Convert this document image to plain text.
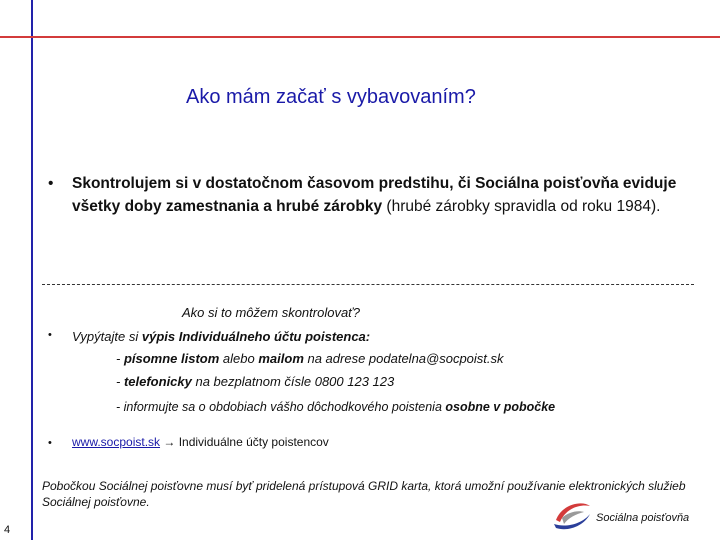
Ako mám začať s vybavovaním?
• Skontrolujem si v dostatočnom časovom predstihu, či Sociálna poisťovňa eviduje všetky doby zamestnania a hrubé zárobky (hrubé zárobky spravidla od roku 1984).
Ako si to môžem skontrolovať?
• Vypýtajte si výpis Individuálneho účtu poistenca:
- písomne listom alebo mailom na adrese podatelna@socpoist.sk
- telefonicky na bezplatnom čísle 0800 123 123
- informujte sa o obdobiach vášho dôchodkového poistenia osobne v pobočke
• www.socpoist.sk → Individuálne účty poistencov
Pobočkou Sociálnej poisťovne musí byť pridelená prístupová GRID karta, ktorá umožní používanie elektronických služieb Sociálnej poisťovne.
4
Sociálna poisťovňa
